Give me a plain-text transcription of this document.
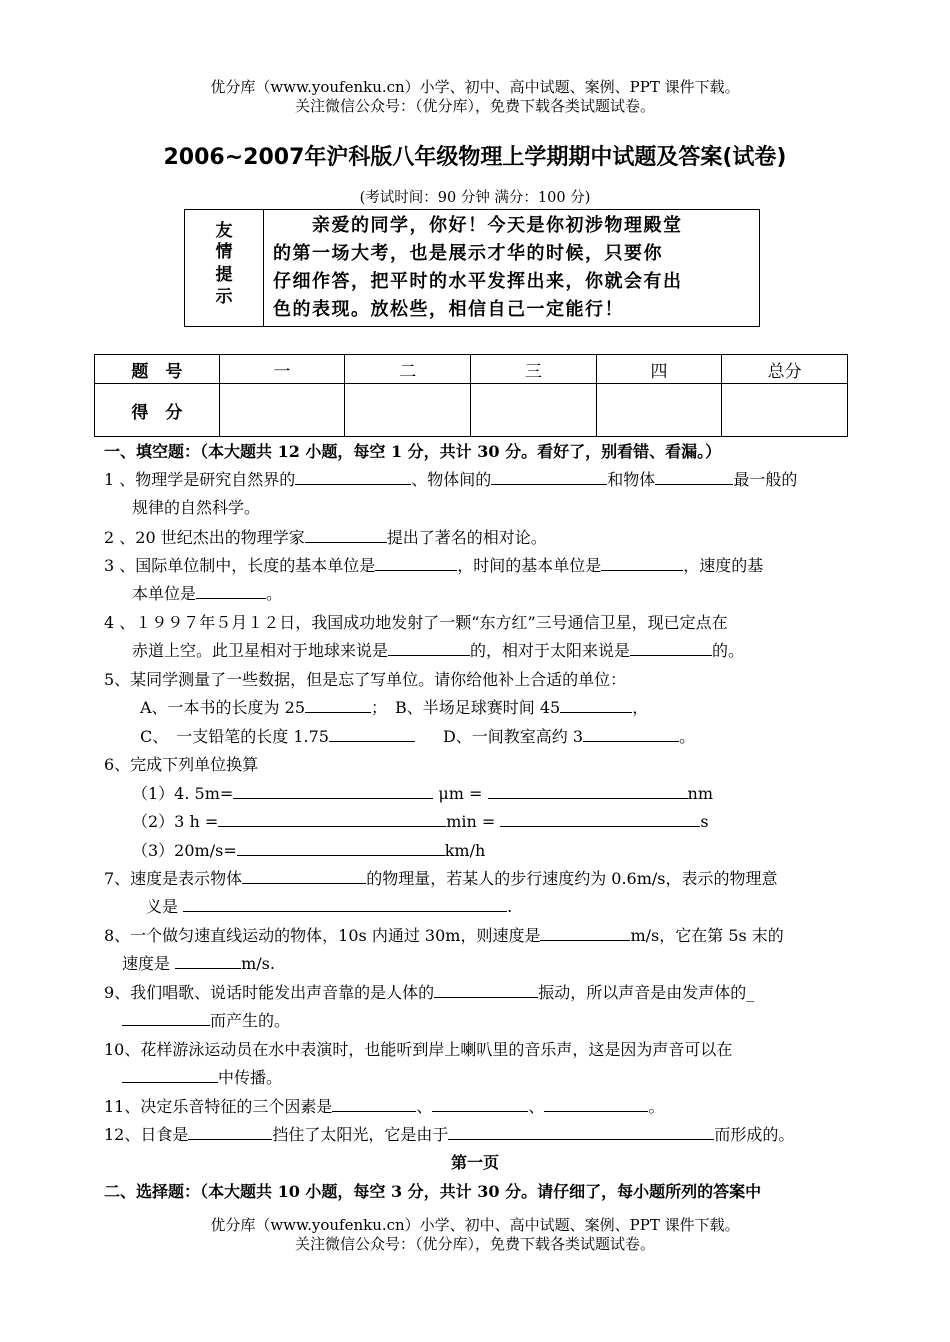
优分库（www.youfenku.cn）小学、初中、高中试题、案例、PPT 课件下载。
关注微信公众号：（优分库），免费下载各类试题试卷。
2006~2007年沪科版八年级物理上学期期中试题及答案(试卷)
(考试时间：90 分钟 满分：100 分)
友
情
提
示
　　亲爱的同学，你好！今天是你初涉物理殿堂
的第一场大考，也是展示才华的时候，只要你
仔细作答，把平时的水平发挥出来，你就会有出
色的表现。放松些，相信自己一定能行！
题　号	一	二	三	四	总分
得　分					
一、填空题：（本大题共 12 小题，每空 1 分，共计 30 分。看好了，别看错、看漏。）
1 、物理学是研究自然界的	、物体间的	和物体	最一般的
规律的自然科学。
2 、20 世纪杰出的物理学家	提出了著名的相对论。
3 、国际单位制中，长度的基本单位是	，时间的基本单位是	，速度的基
本单位是	。
4 、１９９７年５月１２日，我国成功地发射了一颗“东方红”三号通信卫星，现已定点在
赤道上空。此卫星相对于地球来说是	的，相对于太阳来说是	的。
5、某同学测量了一些数据，但是忘了写单位。请你给他补上合适的单位：
A、一本书的长度为 25	；　B、半场足球赛时间 45	，
C、　一支铅笔的长度 1.75	D、一间教室高约 3	。
6、完成下列单位换算
（1）4. 5m=	μm =	nm
（2）3 h =	min =	s
（3）20m/s=	km/h
7、速度是表示物体	的物理量，若某人的步行速度约为 0.6m/s，表示的物理意
义是	.
8、一个做匀速直线运动的物体，10s 内通过 30m，则速度是	m/s，它在第 5s 末的
速度是	m/s.
9、我们唱歌、说话时能发出声音靠的是人体的	振动，所以声音是由发声体的_
而产生的。
10、花样游泳运动员在水中表演时，也能听到岸上喇叭里的音乐声，这是因为声音可以在
中传播。
11、决定乐音特征的三个因素是	、	、	。
12、日食是	挡住了太阳光，它是由于	而形成的。
第一页
二、选择题：（本大题共 10 小题，每空 3 分，共计 30 分。请仔细了，每小题所列的答案中
优分库（www.youfenku.cn）小学、初中、高中试题、案例、PPT 课件下载。
关注微信公众号：（优分库），免费下载各类试题试卷。
